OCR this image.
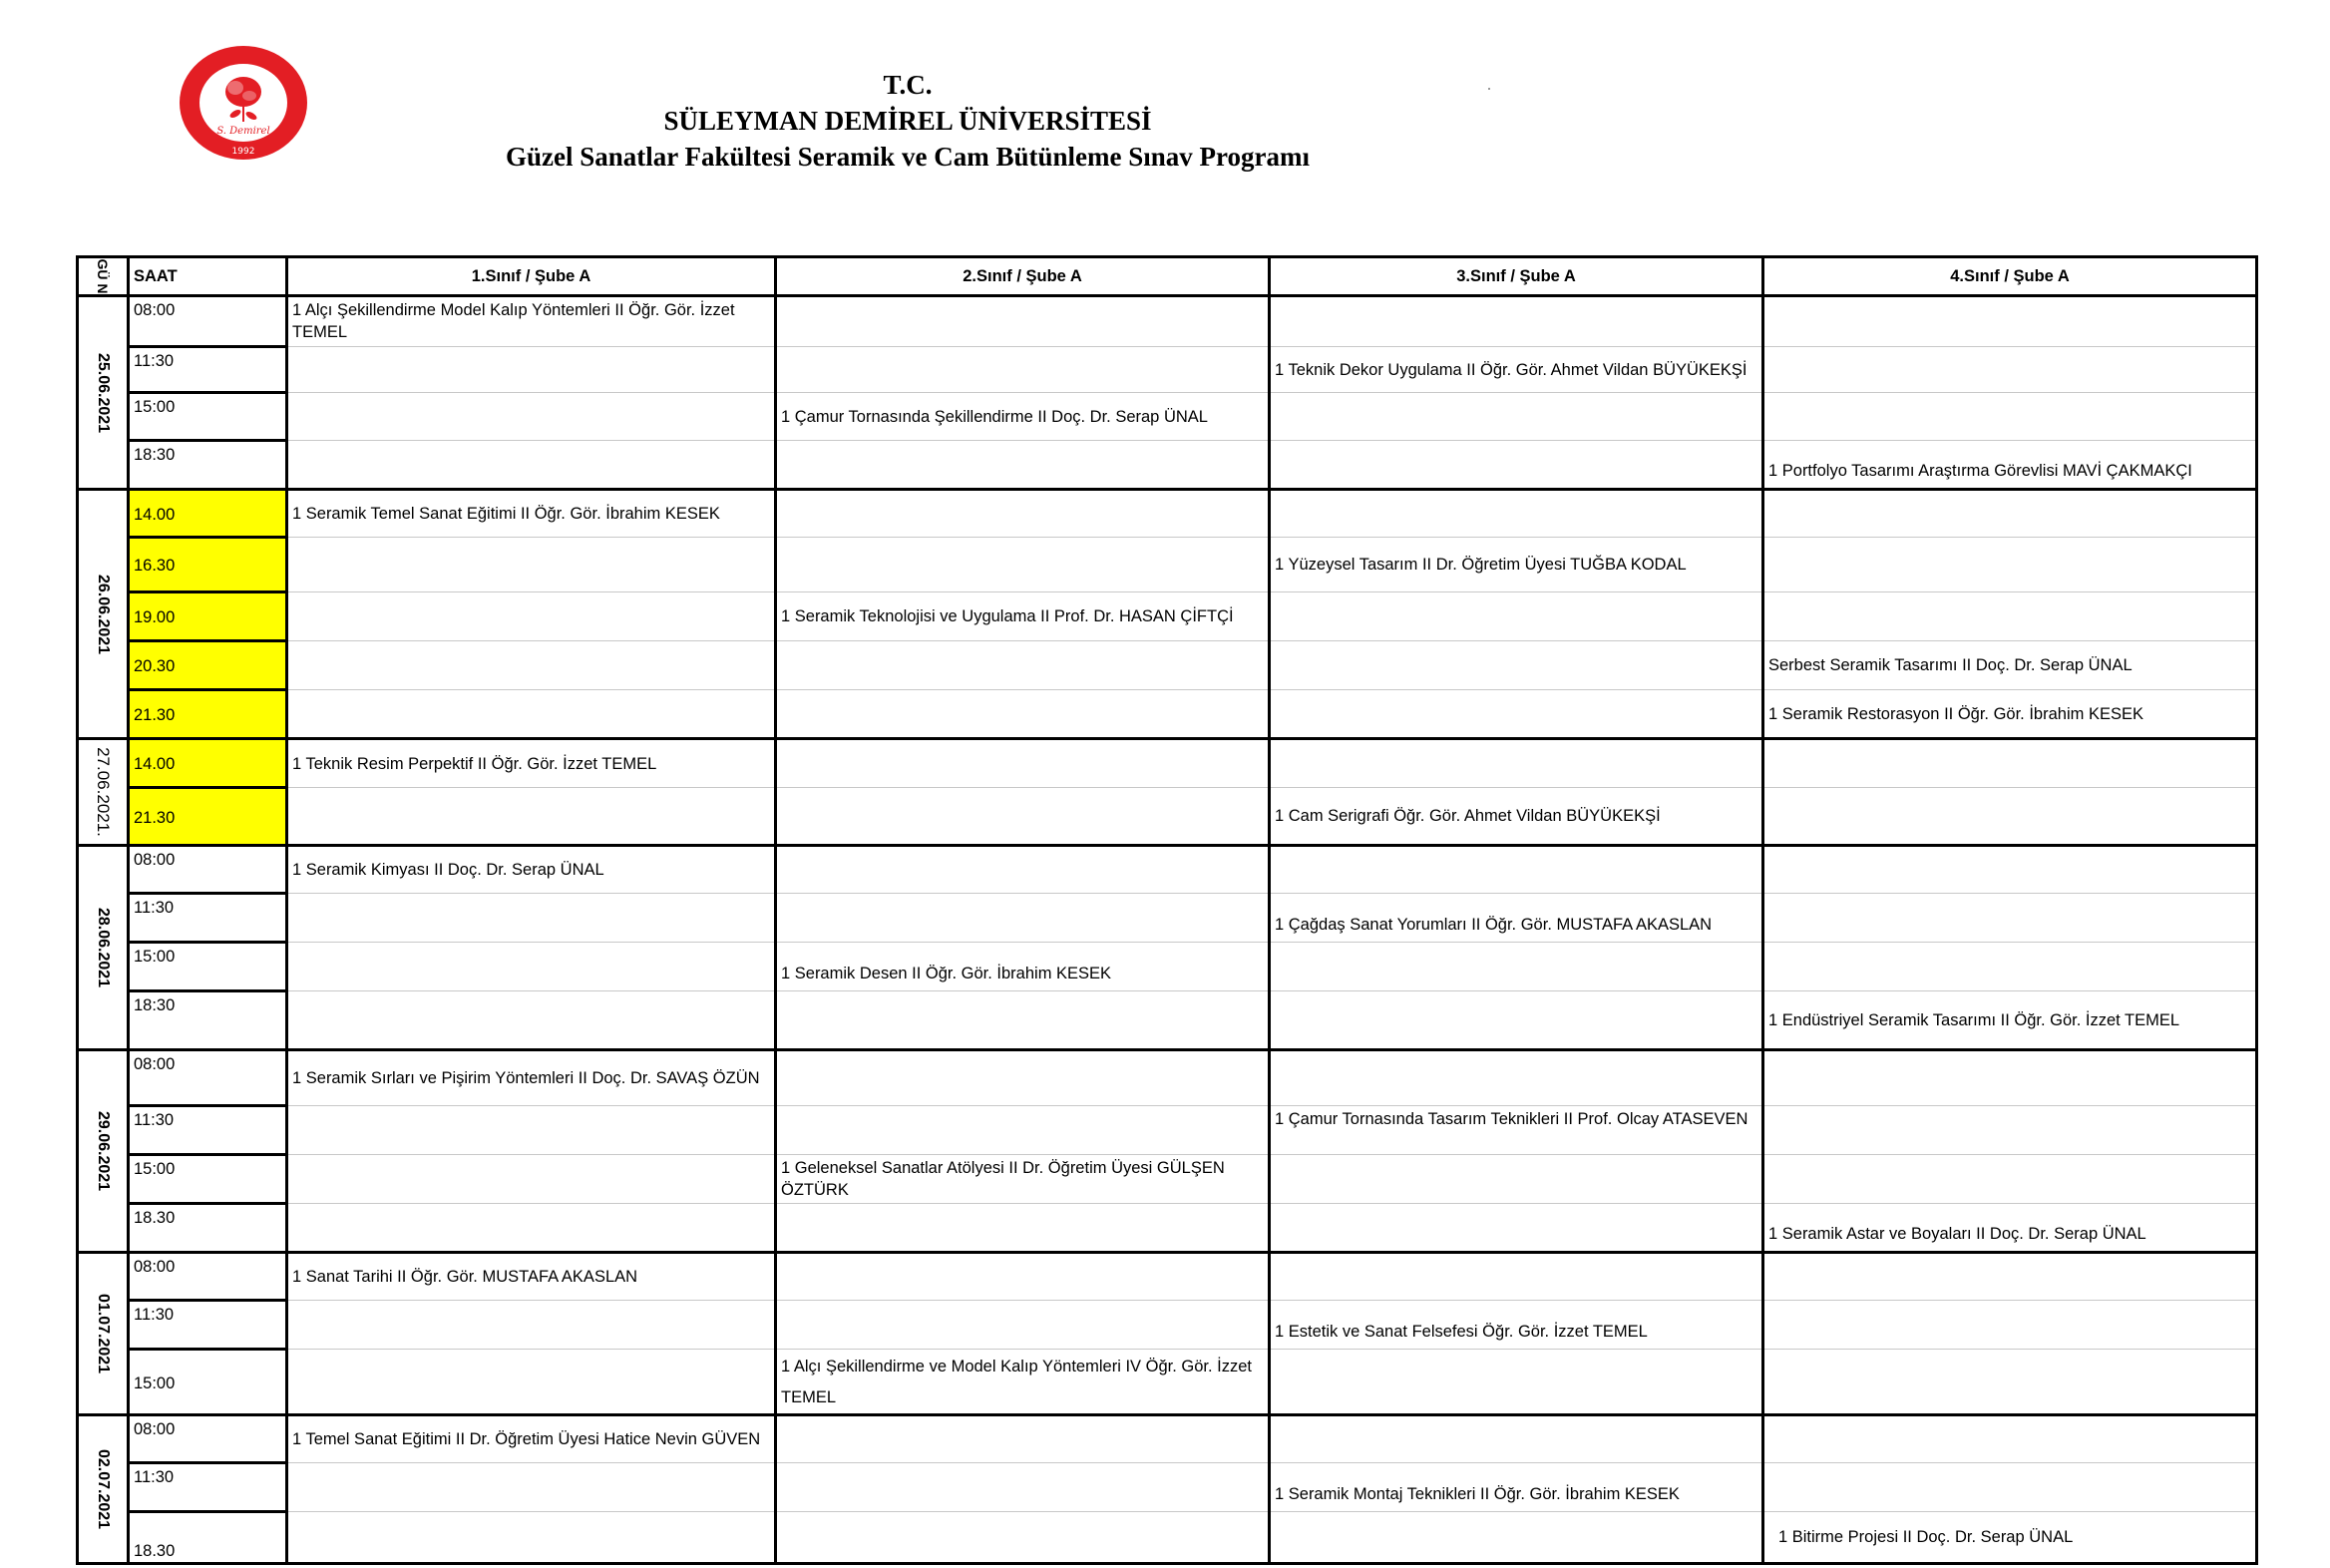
S. Demirel
1992
T.C.
SÜLEYMAN DEMİREL ÜNİVERSİTESİ
Güzel Sanatlar Fakültesi Seramik ve Cam Bütünleme Sınav Programı
GÜ N	SAAT	1.Sınıf / Şube A	2.Sınıf / Şube A	3.Sınıf / Şube A	4.Sınıf / Şube A

25.06.2021	08:00	1 Alçı Şekillendirme Model Kalıp Yöntemleri II Öğr. Gör. İzzet TEMEL			
	11:30			1 Teknik Dekor Uygulama II Öğr. Gör. Ahmet Vildan BÜYÜKEKŞİ	
	15:00		1 Çamur Tornasında Şekillendirme II Doç. Dr. Serap ÜNAL		
	18:30				1 Portfolyo Tasarımı Araştırma Görevlisi MAVİ ÇAKMAKÇI

26.06.2021	14.00	1 Seramik Temel Sanat Eğitimi II Öğr. Gör. İbrahim KESEK			
	16.30			1 Yüzeysel Tasarım II Dr. Öğretim Üyesi TUĞBA KODAL	
	19.00		1 Seramik Teknolojisi ve Uygulama II Prof. Dr. HASAN ÇİFTÇİ		
	20.30				Serbest Seramik Tasarımı II Doç. Dr. Serap ÜNAL
	21.30				1 Seramik Restorasyon II Öğr. Gör. İbrahim KESEK

27.06.2021.	14.00	1 Teknik Resim Perpektif II Öğr. Gör. İzzet TEMEL			
	21.30			1 Cam Serigrafi Öğr. Gör. Ahmet Vildan BÜYÜKEKŞİ	

28.06.2021	08:00	1 Seramik Kimyası II Doç. Dr. Serap ÜNAL			
	11:30			1 Çağdaş Sanat Yorumları II Öğr. Gör. MUSTAFA AKASLAN	
	15:00		1 Seramik Desen II Öğr. Gör. İbrahim KESEK		
	18:30				1 Endüstriyel Seramik Tasarımı II Öğr. Gör. İzzet TEMEL

29.06.2021	08:00	1 Seramik Sırları ve Pişirim Yöntemleri II Doç. Dr. SAVAŞ ÖZÜN			
	11:30			1 Çamur Tornasında Tasarım Teknikleri II Prof. Olcay ATASEVEN	
	15:00		1 Geleneksel Sanatlar Atölyesi II Dr. Öğretim Üyesi GÜLŞEN ÖZTÜRK		
	18.30				1 Seramik Astar ve Boyaları II Doç. Dr. Serap ÜNAL

01.07.2021	08:00	1 Sanat Tarihi II Öğr. Gör. MUSTAFA AKASLAN			
	11:30			1 Estetik ve Sanat Felsefesi Öğr. Gör. İzzet TEMEL	
	15:00		1 Alçı Şekillendirme ve Model Kalıp Yöntemleri IV Öğr. Gör. İzzet TEMEL		

02.07.2021	08:00	1 Temel Sanat Eğitimi II Dr. Öğretim Üyesi Hatice Nevin GÜVEN			
	11:30			1 Seramik Montaj Teknikleri II Öğr. Gör. İbrahim KESEK	
	18.30				1 Bitirme Projesi II Doç. Dr. Serap ÜNAL
